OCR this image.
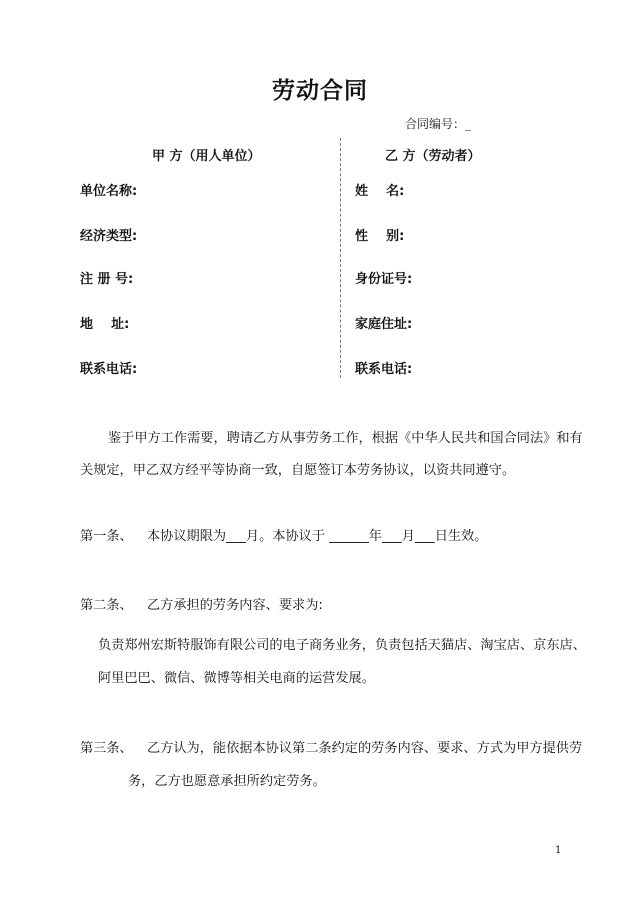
劳动合同
合同编号：_
甲 方（用人单位）	乙 方（劳动者）
单位名称:
经济类型:
注 册 号:
地    址:
联系电话:
姓    名:
性    别:
身份证号:
家庭住址:
联系电话:
鉴于甲方工作需要，聘请乙方从事劳务工作，根据《中华人民共和国合同法》和有
关规定，甲乙双方经平等协商一致，自愿签订本劳务协议，以资共同遵守。
第一条、 本协议期限为___月。本协议于 ______年___月___日生效。
第二条、 乙方承担的劳务内容、要求为:
负责郑州宏斯特服饰有限公司的电子商务业务，负责包括天猫店、淘宝店、京东店、
阿里巴巴、微信、微博等相关电商的运营发展。
第三条、 乙方认为，能依据本协议第二条约定的劳务内容、要求、方式为甲方提供劳
务，乙方也愿意承担所约定劳务。
1
